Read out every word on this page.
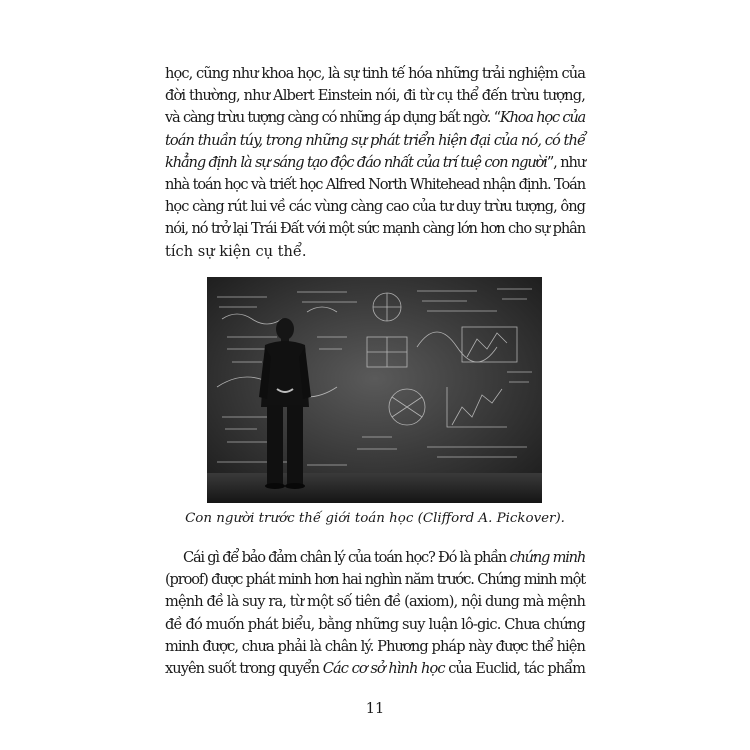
học, cũng như khoa học, là sự tinh tế hóa những trải nghiệm của
đời thường, như Albert Einstein nói, đi từ cụ thể đến trừu tượng,
và càng trừu tượng càng có những áp dụng bất ngờ. “Khoa học của
toán thuần túy, trong những sự phát triển hiện đại của nó, có thể
khẳng định là sự sáng tạo độc đáo nhất của trí tuệ con người”, như
nhà toán học và triết học Alfred North Whitehead nhận định. Toán
học càng rút lui về các vùng càng cao của tư duy trừu tượng, ông
nói, nó trở lại Trái Đất với một sức mạnh càng lớn hơn cho sự phân
tích sự kiện cụ thể.
Con người trước thế giới toán học (Clifford A. Pickover).
Cái gì để bảo đảm chân lý của toán học? Đó là phần chứng minh
(proof) được phát minh hơn hai nghìn năm trước. Chứng minh một
mệnh đề là suy ra, từ một số tiên đề (axiom), nội dung mà mệnh
đề đó muốn phát biểu, bằng những suy luận lô-gic. Chưa chứng
minh được, chưa phải là chân lý. Phương pháp này được thể hiện
xuyên suốt trong quyển Các cơ sở hình học của Euclid, tác phẩm
11
